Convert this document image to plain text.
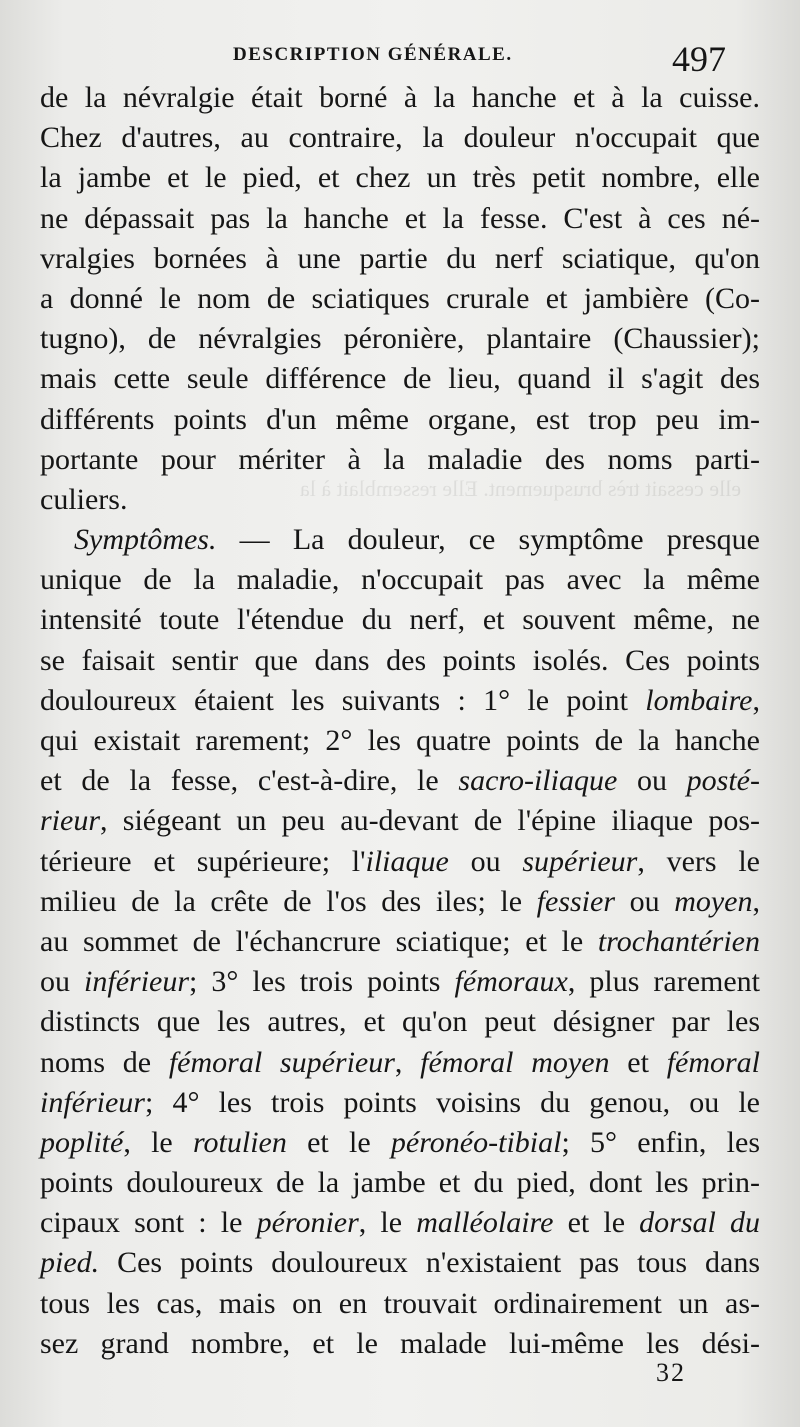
DESCRIPTION GÉNÉRALE.	497
elle cessait très brusquement. Elle ressemblait à la
de la névralgie était borné à la hanche et à la cuisse.
Chez d'autres, au contraire, la douleur n'occupait que
la jambe et le pied, et chez un très petit nombre, elle
ne dépassait pas la hanche et la fesse. C'est à ces né-
vralgies bornées à une partie du nerf sciatique, qu'on
a donné le nom de sciatiques crurale et jambière (Co-
tugno), de névralgies péronière, plantaire (Chaussier);
mais cette seule différence de lieu, quand il s'agit des
différents points d'un même organe, est trop peu im-
portante pour mériter à la maladie des noms parti-
culiers.
Symptômes. — La douleur, ce symptôme presque
unique de la maladie, n'occupait pas avec la même
intensité toute l'étendue du nerf, et souvent même, ne
se faisait sentir que dans des points isolés. Ces points
douloureux étaient les suivants : 1° le point lombaire,
qui existait rarement; 2° les quatre points de la hanche
et de la fesse, c'est-à-dire, le sacro-iliaque ou posté-
rieur, siégeant un peu au-devant de l'épine iliaque pos-
térieure et supérieure; l'iliaque ou supérieur, vers le
milieu de la crête de l'os des iles; le fessier ou moyen,
au sommet de l'échancrure sciatique; et le trochantérien
ou inférieur; 3° les trois points fémoraux, plus rarement
distincts que les autres, et qu'on peut désigner par les
noms de fémoral supérieur, fémoral moyen et fémoral
inférieur; 4° les trois points voisins du genou, ou le
poplité, le rotulien et le péronéo-tibial; 5° enfin, les
points douloureux de la jambe et du pied, dont les prin-
cipaux sont : le péronier, le malléolaire et le dorsal du
pied. Ces points douloureux n'existaient pas tous dans
tous les cas, mais on en trouvait ordinairement un as-
sez grand nombre, et le malade lui-même les dési-
32
